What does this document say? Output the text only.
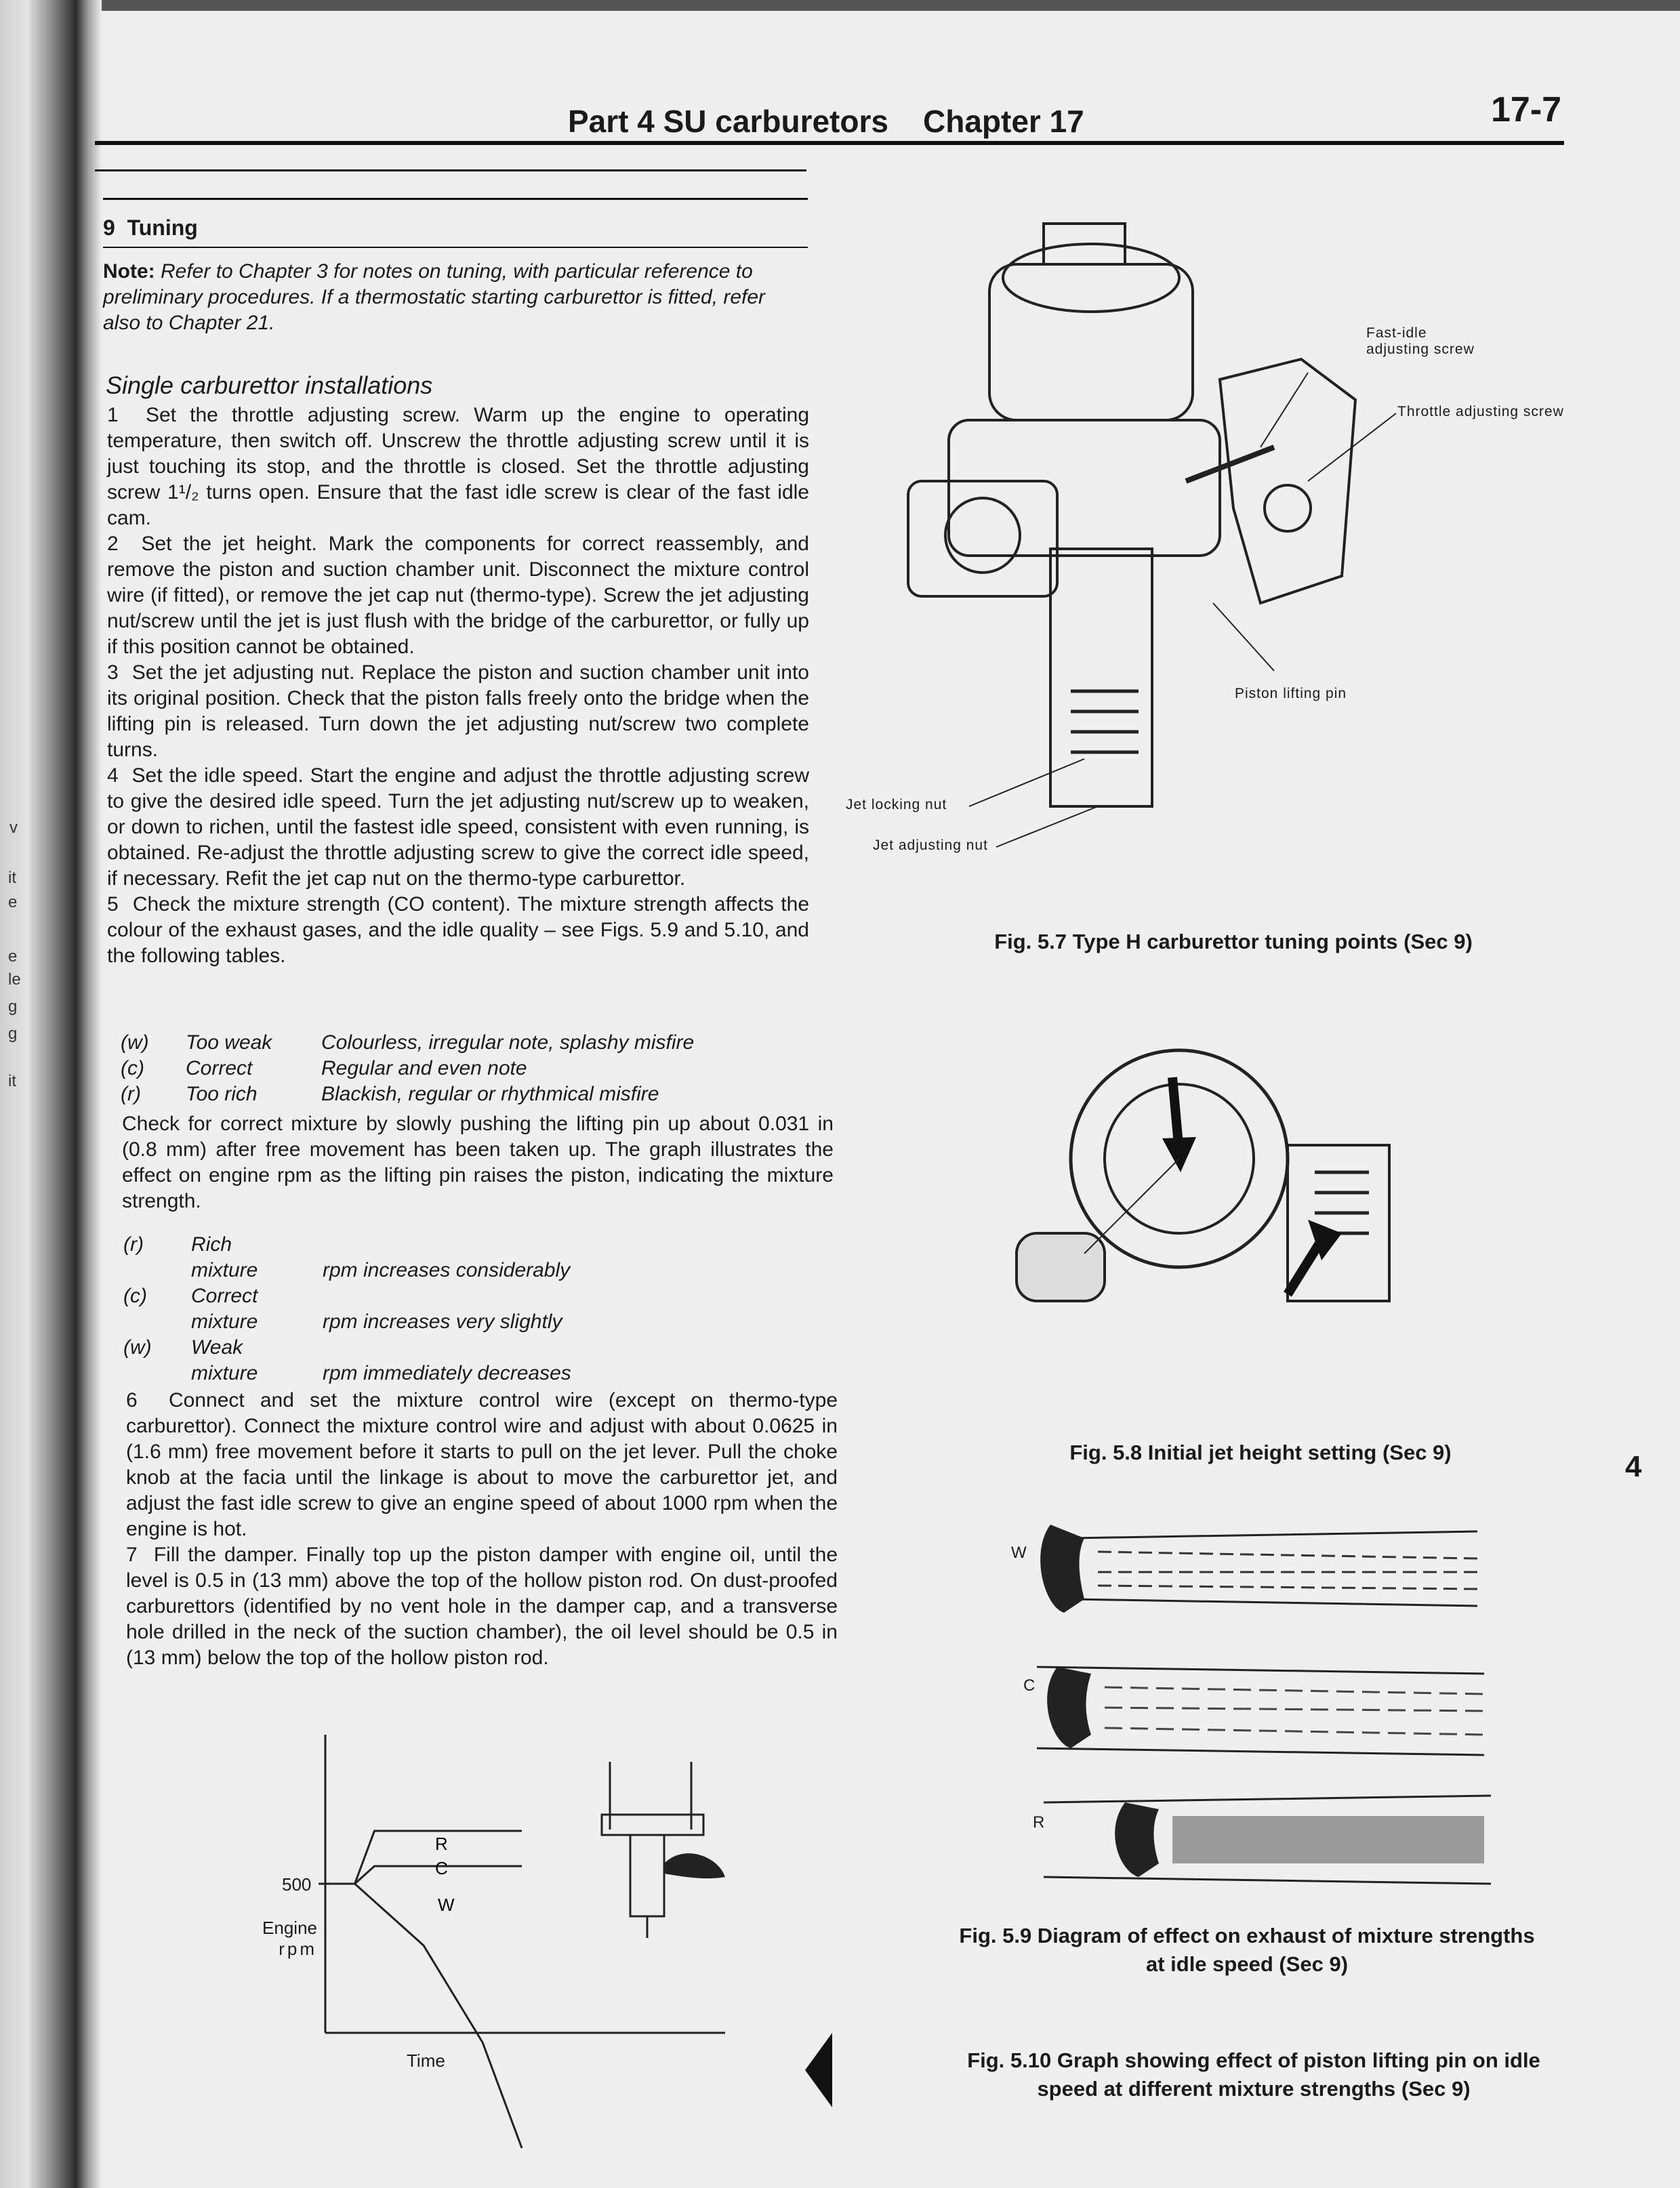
v
it
e
e
le
g
g
it
Part 4 SU carburetors Chapter 17	17-7
9 Tuning
Note: Refer to Chapter 3 for notes on tuning, with particular reference to preliminary procedures. If a thermostatic starting carburettor is fitted, refer also to Chapter 21.
Single carburettor installations
1 Set the throttle adjusting screw. Warm up the engine to operating temperature, then switch off. Unscrew the throttle adjusting screw until it is just touching its stop, and the throttle is closed. Set the throttle adjusting screw 1¹/₂ turns open. Ensure that the fast idle screw is clear of the fast idle cam.
2 Set the jet height. Mark the components for correct reassembly, and remove the piston and suction chamber unit. Disconnect the mixture control wire (if fitted), or remove the jet cap nut (thermo-type). Screw the jet adjusting nut/screw until the jet is just flush with the bridge of the carburettor, or fully up if this position cannot be obtained.
3 Set the jet adjusting nut. Replace the piston and suction chamber unit into its original position. Check that the piston falls freely onto the bridge when the lifting pin is released. Turn down the jet adjusting nut/screw two complete turns.
4 Set the idle speed. Start the engine and adjust the throttle adjusting screw to give the desired idle speed. Turn the jet adjusting nut/screw up to weaken, or down to richen, until the fastest idle speed, consistent with even running, is obtained. Re-adjust the throttle adjusting screw to give the correct idle speed, if necessary. Refit the jet cap nut on the thermo-type carburettor.
5 Check the mixture strength (CO content). The mixture strength affects the colour of the exhaust gases, and the idle quality – see Figs. 5.9 and 5.10, and the following tables.
(w)	Too weak	Colourless, irregular note, splashy misfire
(c)	Correct	Regular and even note
(r)	Too rich	Blackish, regular or rhythmical misfire
Check for correct mixture by slowly pushing the lifting pin up about 0.031 in (0.8 mm) after free movement has been taken up. The graph illustrates the effect on engine rpm as the lifting pin raises the piston, indicating the mixture strength.
(r)	Rich
mixture	rpm increases considerably
(c)	Correct
mixture	rpm increases very slightly
(w)	Weak
mixture	rpm immediately decreases
6 Connect and set the mixture control wire (except on thermo-type carburettor). Connect the mixture control wire and adjust with about 0.0625 in (1.6 mm) free movement before it starts to pull on the jet lever. Pull the choke knob at the facia until the linkage is about to move the carburettor jet, and adjust the fast idle screw to give an engine speed of about 1000 rpm when the engine is hot.
7 Fill the damper. Finally top up the piston damper with engine oil, until the level is 0.5 in (13 mm) above the top of the hollow piston rod. On dust-proofed carburettors (identified by no vent hole in the damper cap, and a transverse hole drilled in the neck of the suction chamber), the oil level should be 0.5 in (13 mm) below the top of the hollow piston rod.
R
C
W
500
Engine
rpm
Time
Fast-idle
adjusting screw
Throttle adjusting screw
Piston lifting pin
Jet locking nut
Jet adjusting nut
Fig. 5.7 Type H carburettor tuning points (Sec 9)
Fig. 5.8 Initial jet height setting (Sec 9)
W
C
R
Fig. 5.9 Diagram of effect on exhaust of mixture strengths
at idle speed (Sec 9)
Fig. 5.10 Graph showing effect of piston lifting pin on idle
speed at different mixture strengths (Sec 9)
4
